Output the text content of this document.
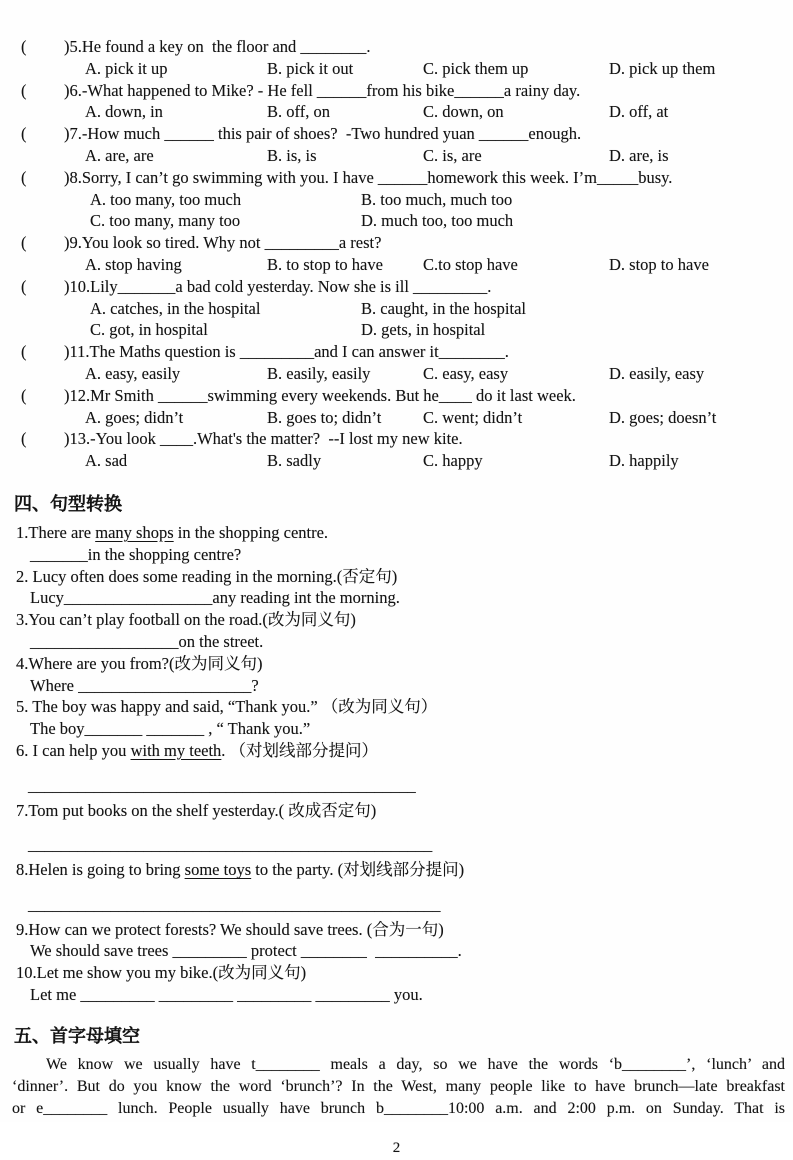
( )5.He found a key on  the floor and ________.
A. pick it up	B. pick it out	C. pick them up	D. pick up them
( )6.-What happened to Mike? - He fell ______from his bike______a rainy day.
A. down, in	B. off, on	C. down, on	D. off, at
( )7.-How much ______ this pair of shoes?  -Two hundred yuan ______enough.
A. are, are	B. is, is	C. is, are	D. are, is
( )8.Sorry, I can’t go swimming with you. I have ______homework this week. I’m_____busy.
A. too many, too much	B. too much, much too
C. too many, many too	D. much too, too much
( )9.You look so tired. Why not _________a rest?
A. stop having	B. to stop to have	C.to stop have	D. stop to have
( )10.Lily_______a bad cold yesterday. Now she is ill _________.
A. catches, in the hospital	B. caught, in the hospital
C. got, in hospital	D. gets, in hospital
( )11.The Maths question is _________and I can answer it________.
A. easy, easily	B. easily, easily	C. easy, easy	D. easily, easy
( )12.Mr Smith ______swimming every weekends. But he____ do it last week.
A. goes; didn’t	B. goes to; didn’t	C. went; didn’t	D. goes; doesn’t
( )13.-You look ____.What's the matter?  --I lost my new kite.
A. sad	B. sadly	C. happy	D. happily
四、句型转换
1.There are many shops in the shopping centre.
_______in the shopping centre?
2. Lucy often does some reading in the morning.(否定句)
Lucy__________________any reading int the morning.
3.You can’t play football on the road.(改为同义句)
__________________on the street.
4.Where are you from?(改为同义句)
Where _____________________?
5. The boy was happy and said, “Thank you.” （改为同义句）
The boy_______ _______ , “ Thank you.”
6. I can help you with my teeth. （对划线部分提问）
_______________________________________________
7.Tom put books on the shelf yesterday.( 改成否定句)
_________________________________________________
8.Helen is going to bring some toys to the party. (对划线部分提问)
__________________________________________________
9.How can we protect forests? We should save trees. (合为一句)
We should save trees _________ protect ________  __________.
10.Let me show you my bike.(改为同义句)
Let me _________ _________ _________ _________ you.
五、首字母填空
We know we usually have t________ meals a day, so we have the words ‘b________’, ‘lunch’ and
‘dinner’. But do you know the word ‘brunch’? In the West, many people like to have brunch—late breakfast
or e________ lunch. People usually have brunch b________10:00 a.m. and 2:00 p.m. on Sunday. That is
2
